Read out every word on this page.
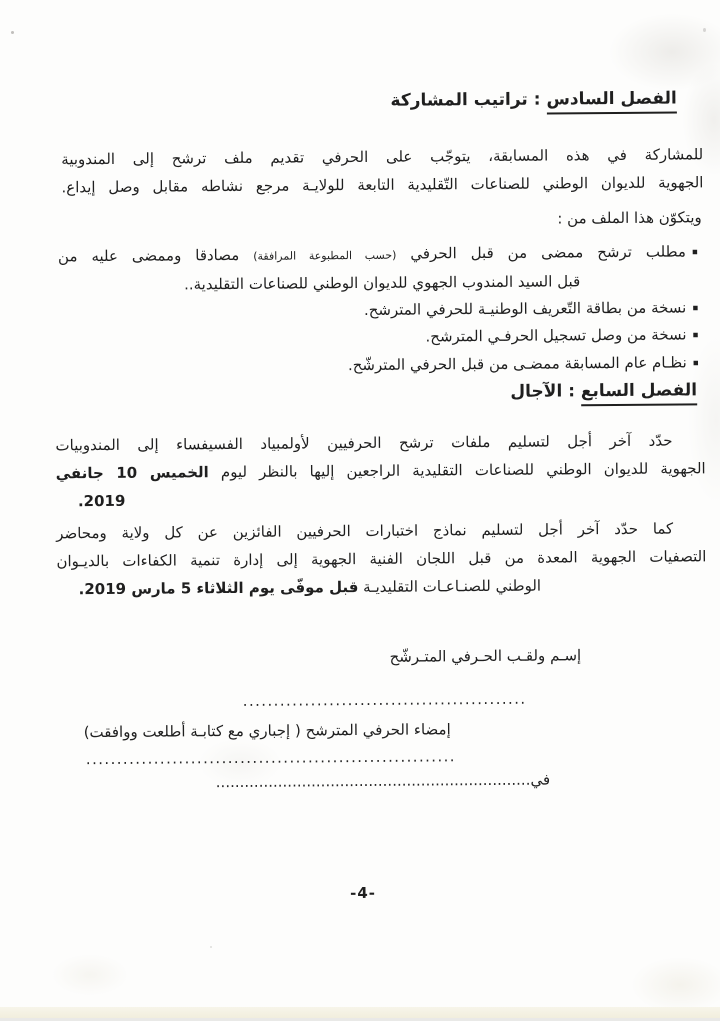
الفصل السادس : تراتيب المشاركة
للمشاركة في هذه المسابقة، يتوجّب على الحرفي تقديم ملف ترشح إلى المندوبية
الجهوية للديوان الوطني للصناعات التّقليدية التابعة للولايـة مرجع نشاطه مقابل وصل إيداع.
ويتكوّن هذا الملف من :
▪مطلب ترشح ممضى من قبل الحرفي (حسب المطبوعة المرافقة) مصادقا وممضى عليه من
قبل السيد المندوب الجهوي للديوان الوطني للصناعات التقليدية..
▪نسخة من بطاقة التّعريف الوطنيـة للحرفي المترشح.
▪نسخة من وصل تسجيل الحرفـي المترشح.
▪نظـام عام المسابقة ممضـى من قبل الحرفي المترشّح.
الفصل السابع : الآجال
حدّد آخر أجل لتسليم ملفات ترشح الحرفيين لأولمبياد الفسيفساء إلى المندوبيات
الجهوية للديوان الوطني للصناعات التقليدية الراجعين إليها بالنظر ليوم الخميس 10 جانفي
2019.
كما حدّد آخر أجل لتسليم نماذج اختبارات الحرفيين الفائزين عن كل ولاية ومحاضر
التصفيات الجهوية المعدة من قبل اللجان الفنية الجهوية إلى إدارة تنمية الكفاءات بالديـوان
الوطني للصنـاعـات التقليديـة قبل موفّى يوم الثلاثاء 5 مارس 2019.
إسـم ولقـب الحـرفي المتـرشّح
..............................................
إمضاء الحرفي المترشح ( إجباري مع كتابـة أطلعت ووافقت)
............................................................
في..................................................................
-4-
